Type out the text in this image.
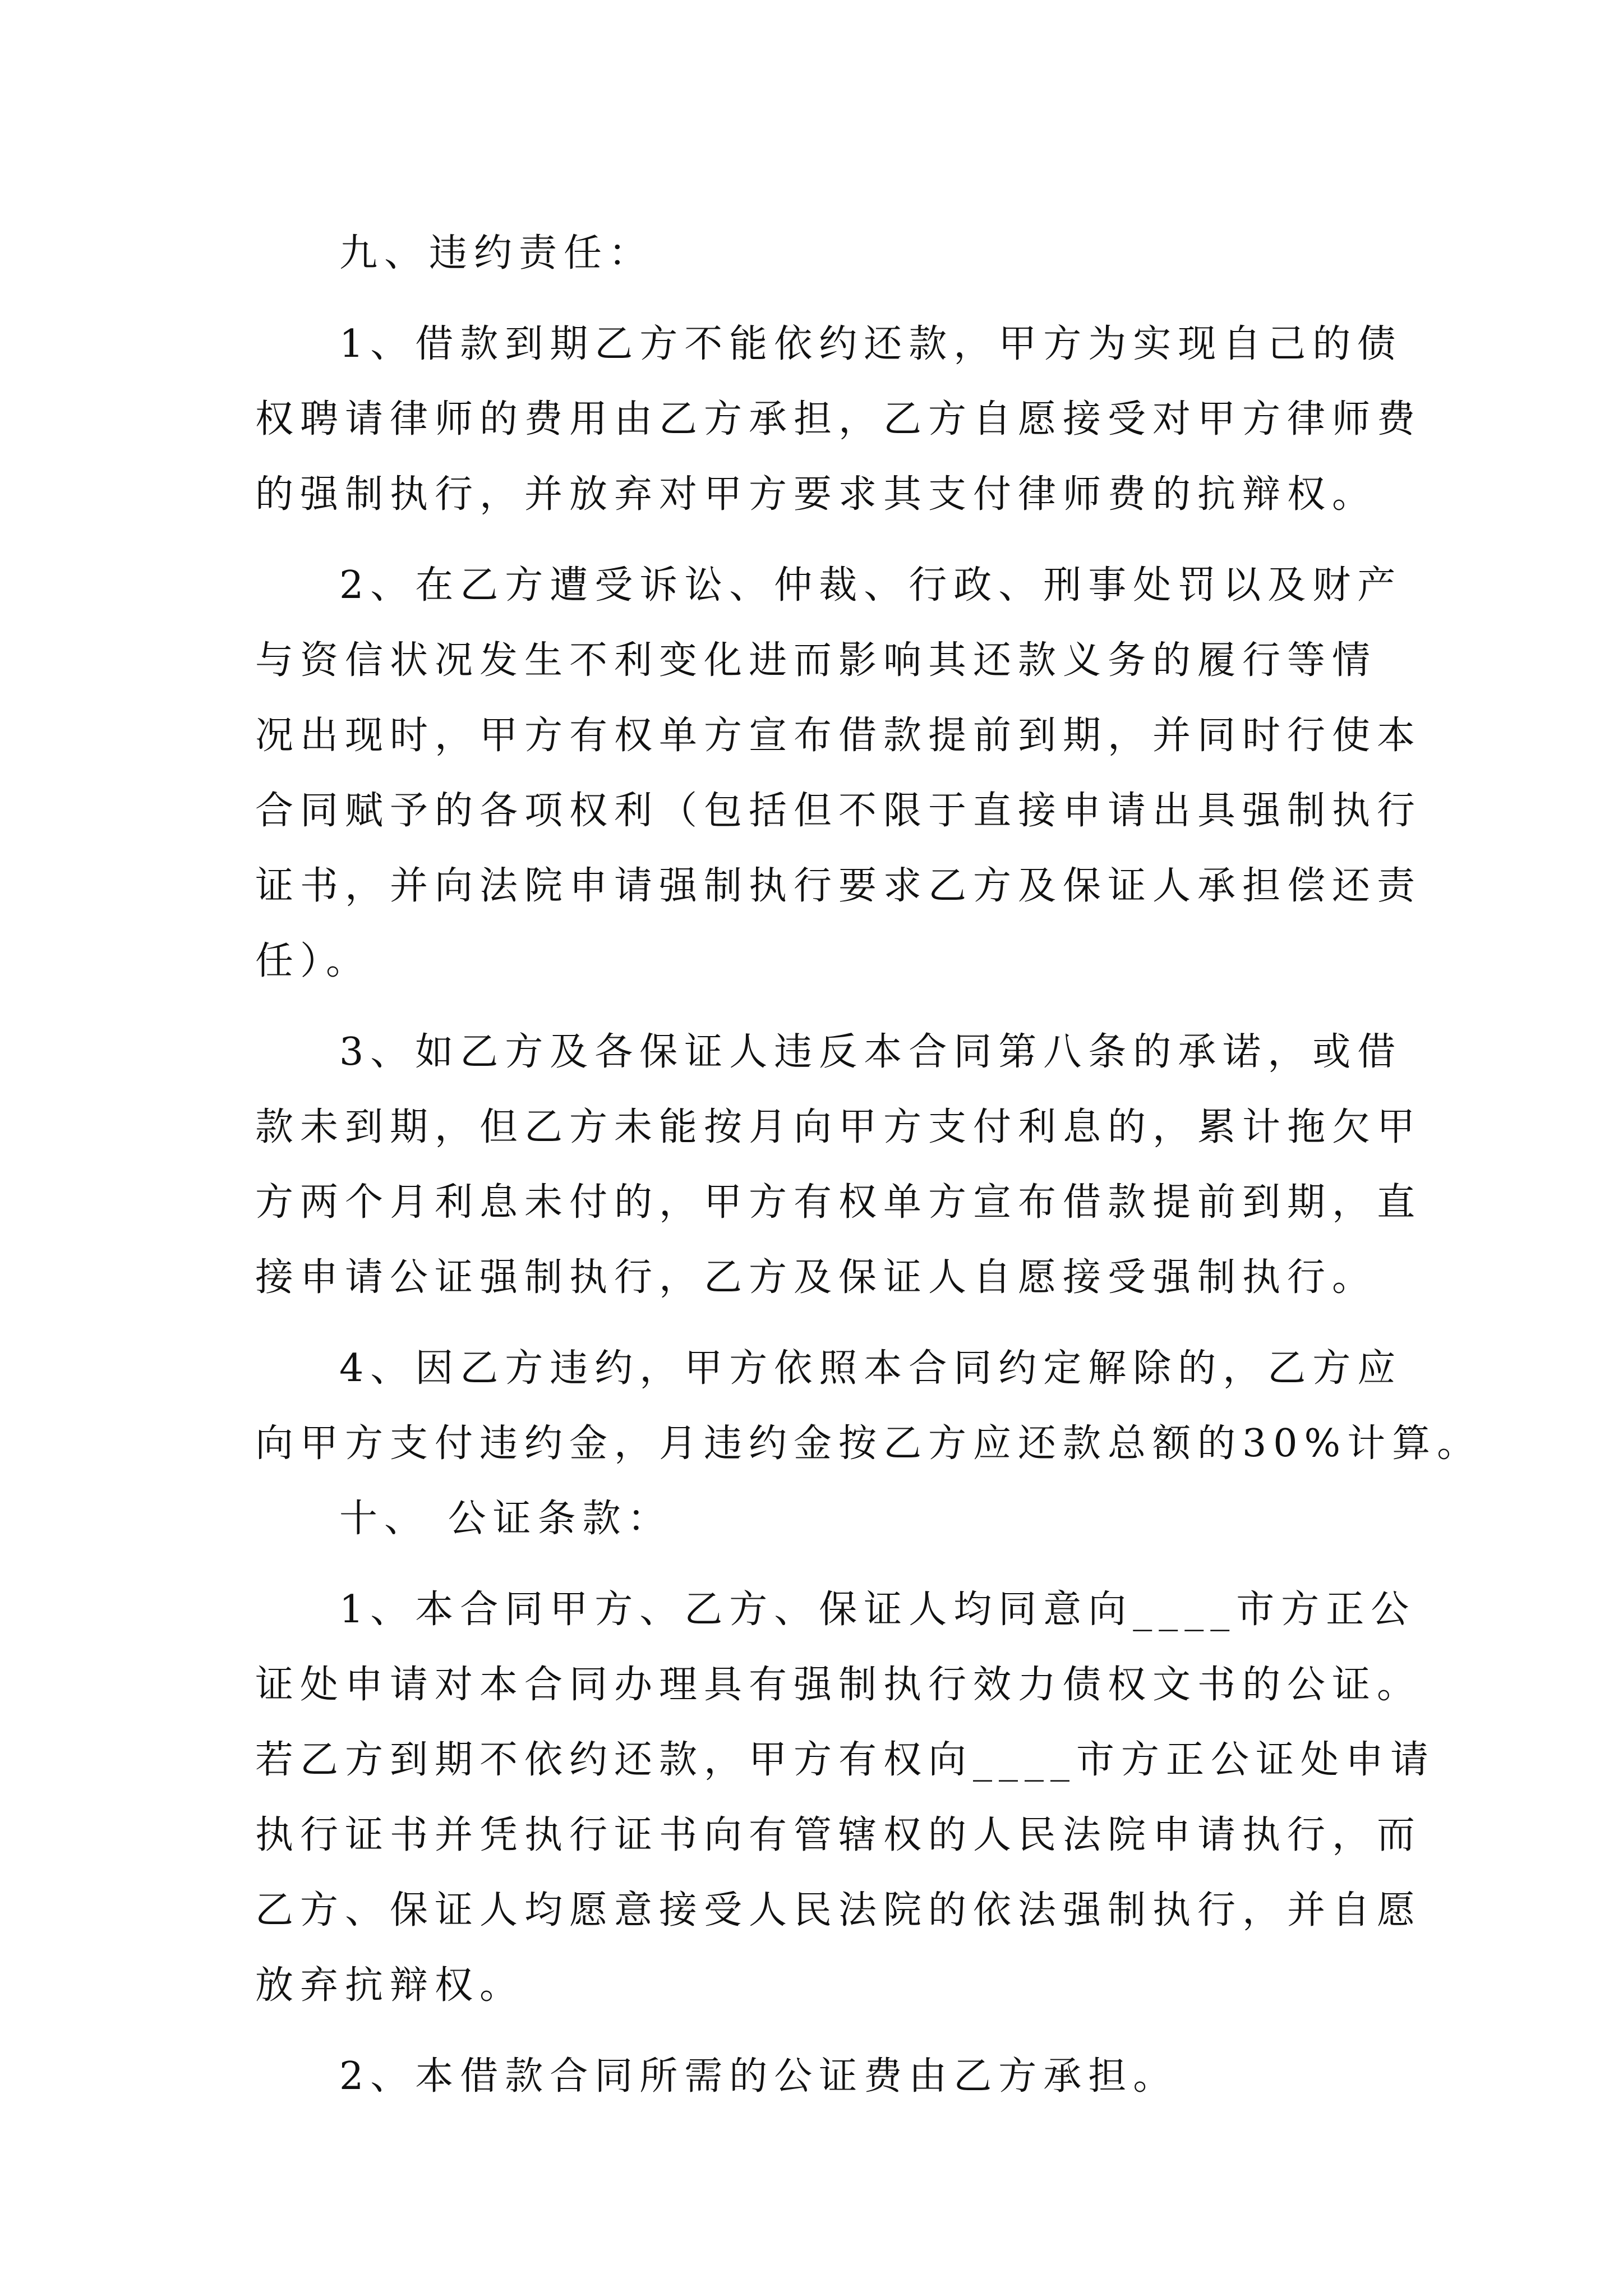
九、违约责任：
1、借款到期乙方不能依约还款，甲方为实现自己的债
权聘请律师的费用由乙方承担，乙方自愿接受对甲方律师费
的强制执行，并放弃对甲方要求其支付律师费的抗辩权。
2、在乙方遭受诉讼、仲裁、行政、刑事处罚以及财产
与资信状况发生不利变化进而影响其还款义务的履行等情
况出现时，甲方有权单方宣布借款提前到期，并同时行使本
合同赋予的各项权利（包括但不限于直接申请出具强制执行
证书，并向法院申请强制执行要求乙方及保证人承担偿还责
任）。
3、如乙方及各保证人违反本合同第八条的承诺，或借
款未到期，但乙方未能按月向甲方支付利息的，累计拖欠甲
方两个月利息未付的，甲方有权单方宣布借款提前到期，直
接申请公证强制执行，乙方及保证人自愿接受强制执行。
4、因乙方违约，甲方依照本合同约定解除的，乙方应
向甲方支付违约金，月违约金按乙方应还款总额的30%计算。
十、 公证条款：
1、本合同甲方、乙方、保证人均同意向____市方正公
证处申请对本合同办理具有强制执行效力债权文书的公证。
若乙方到期不依约还款，甲方有权向____市方正公证处申请
执行证书并凭执行证书向有管辖权的人民法院申请执行，而
乙方、保证人均愿意接受人民法院的依法强制执行，并自愿
放弃抗辩权。
2、本借款合同所需的公证费由乙方承担。
